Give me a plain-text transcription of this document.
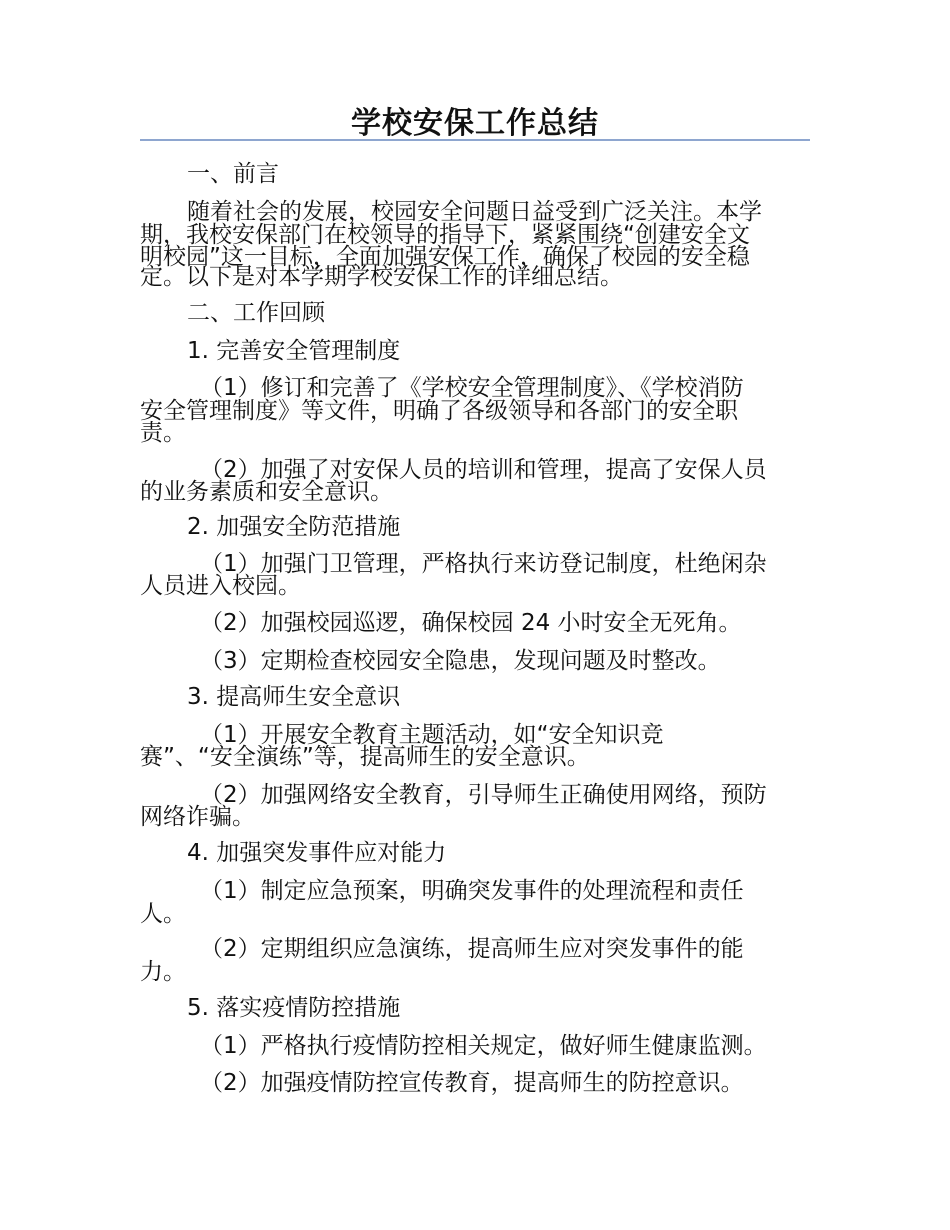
学校安保工作总结
一、前言
随着社会的发展，校园安全问题日益受到广泛关注。本学
期，我校安保部门在校领导的指导下，紧紧围绕“创建安全文
明校园”这一目标，全面加强安保工作，确保了校园的安全稳
定。以下是对本学期学校安保工作的详细总结。
二、工作回顾
1. 完善安全管理制度
（1）修订和完善了《学校安全管理制度》、《学校消防
安全管理制度》等文件，明确了各级领导和各部门的安全职
责。
（2）加强了对安保人员的培训和管理，提高了安保人员
的业务素质和安全意识。
2. 加强安全防范措施
（1）加强门卫管理，严格执行来访登记制度，杜绝闲杂
人员进入校园。
（2）加强校园巡逻，确保校园 24 小时安全无死角。
（3）定期检查校园安全隐患，发现问题及时整改。
3. 提高师生安全意识
（1）开展安全教育主题活动，如“安全知识竞
赛”、“安全演练”等，提高师生的安全意识。
（2）加强网络安全教育，引导师生正确使用网络，预防
网络诈骗。
4. 加强突发事件应对能力
（1）制定应急预案，明确突发事件的处理流程和责任
人。
（2）定期组织应急演练，提高师生应对突发事件的能
力。
5. 落实疫情防控措施
（1）严格执行疫情防控相关规定，做好师生健康监测。
（2）加强疫情防控宣传教育，提高师生的防控意识。
